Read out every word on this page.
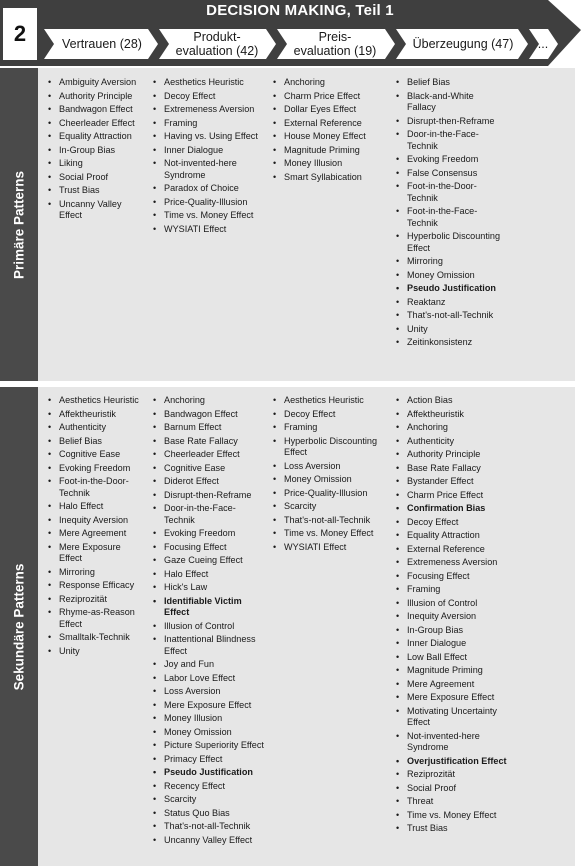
2
DECISION MAKING, Teil 1
Vertrauen (28)	Produkt-
evaluation (42)
Preis-
evaluation (19)	Überzeugung (47)	...
Primäre Patterns
• Ambiguity Aversion
• Authority Principle
• Bandwagon Effect
• Cheerleader Effect
• Equality Attraction
• In-Group Bias
• Liking
• Social Proof
• Trust Bias
• Uncanny Valley Effect
• Aesthetics Heuristic
• Decoy Effect
• Extremeness Aversion
• Framing
• Having vs. Using Effect
• Inner Dialogue
• Not-invented-here Syndrome
• Paradox of Choice
• Price-Quality-Illusion
• Time vs. Money Effect
• WYSIATI Effect
• Anchoring
• Charm Price Effect
• Dollar Eyes Effect
• External Reference
• House Money Effect
• Magnitude Priming
• Money Illusion
• Smart Syllabication
• Belief Bias
• Black-and-White Fallacy
• Disrupt-then-Reframe
• Door-in-the-Face-Technik
• Evoking Freedom
• False Consensus
• Foot-in-the-Door-Technik
• Foot-in-the-Face-Technik
• Hyperbolic Discounting Effect
• Mirroring
• Money Omission
• Pseudo Justification
• Reaktanz
• That's-not-all-Technik
• Unity
• Zeitinkonsistenz
Sekundäre Patterns
• Aesthetics Heuristic
• Affektheuristik
• Authenticity
• Belief Bias
• Cognitive Ease
• Evoking Freedom
• Foot-in-the-Door-Technik
• Halo Effect
• Inequity Aversion
• Mere Agreement
• Mere Exposure Effect
• Mirroring
• Response Efficacy
• Reziprozität
• Rhyme-as-Reason Effect
• Smalltalk-Technik
• Unity
• Anchoring
• Bandwagon Effect
• Barnum Effect
• Base Rate Fallacy
• Cheerleader Effect
• Cognitive Ease
• Diderot Effect
• Disrupt-then-Reframe
• Door-in-the-Face-Technik
• Evoking Freedom
• Focusing Effect
• Gaze Cueing Effect
• Halo Effect
• Hick's Law
• Identifiable Victim Effect
• Illusion of Control
• Inattentional Blindness Effect
• Joy and Fun
• Labor Love Effect
• Loss Aversion
• Mere Exposure Effect
• Money Illusion
• Money Omission
• Picture Superiority Effect
• Primacy Effect
• Pseudo Justification
• Recency Effect
• Scarcity
• Status Quo Bias
• That's-not-all-Technik
• Uncanny Valley Effect
• Aesthetics Heuristic
• Decoy Effect
• Framing
• Hyperbolic Discounting Effect
• Loss Aversion
• Money Omission
• Price-Quality-Illusion
• Scarcity
• That's-not-all-Technik
• Time vs. Money Effect
• WYSIATI Effect
• Action Bias
• Affektheuristik
• Anchoring
• Authenticity
• Authority Principle
• Base Rate Fallacy
• Bystander Effect
• Charm Price Effect
• Confirmation Bias
• Decoy Effect
• Equality Attraction
• External Reference
• Extremeness Aversion
• Focusing Effect
• Framing
• Illusion of Control
• Inequity Aversion
• In-Group Bias
• Inner Dialogue
• Low Ball Effect
• Magnitude Priming
• Mere Agreement
• Mere Exposure Effect
• Motivating Uncertainty Effect
• Not-invented-here Syndrome
• Overjustification Effect
• Reziprozität
• Social Proof
• Threat
• Time vs. Money Effect
• Trust Bias
